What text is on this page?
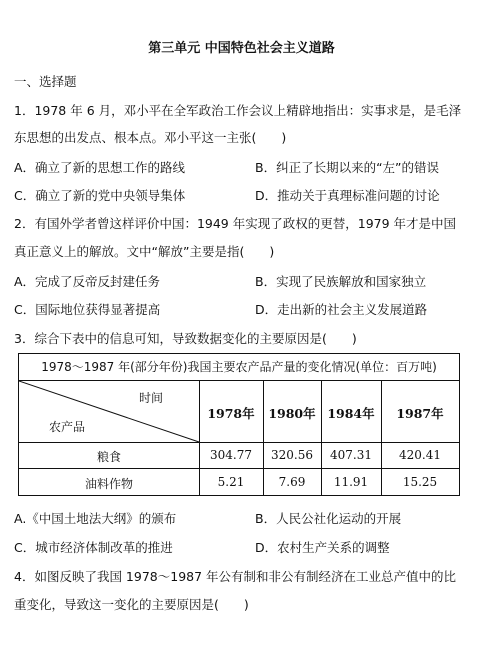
第三单元 中国特色社会主义道路
一、选择题
1．1978 年 6 月，邓小平在全军政治工作会议上精辟地指出：实事求是，是毛泽
东思想的出发点、根本点。邓小平这一主张(　　)
A．确立了新的思想工作的路线	B．纠正了长期以来的“左”的错误
C．确立了新的党中央领导集体	D．推动关于真理标准问题的讨论
2．有国外学者曾这样评价中国：1949 年实现了政权的更替，1979 年才是中国
真正意义上的解放。文中“解放”主要是指(　　)
A．完成了反帝反封建任务	B．实现了民族解放和国家独立
C．国际地位获得显著提高	D．走出新的社会主义发展道路
3．综合下表中的信息可知，导致数据变化的主要原因是(　　)
1978～1987 年(部分年份)我国主要农产品产量的变化情况(单位：百万吨)
时间
农产品
1978年	1980年 1984年	1987年
粮食	304.77	320.56	407.31	420.41
油料作物	5.21	7.69	11.91	15.25
A.《中国土地法大纲》的颁布	B．人民公社化运动的开展
C．城市经济体制改革的推进	D．农村生产关系的调整
4．如图反映了我国 1978～1987 年公有制和非公有制经济在工业总产值中的比
重变化，导致这一变化的主要原因是(　　)
